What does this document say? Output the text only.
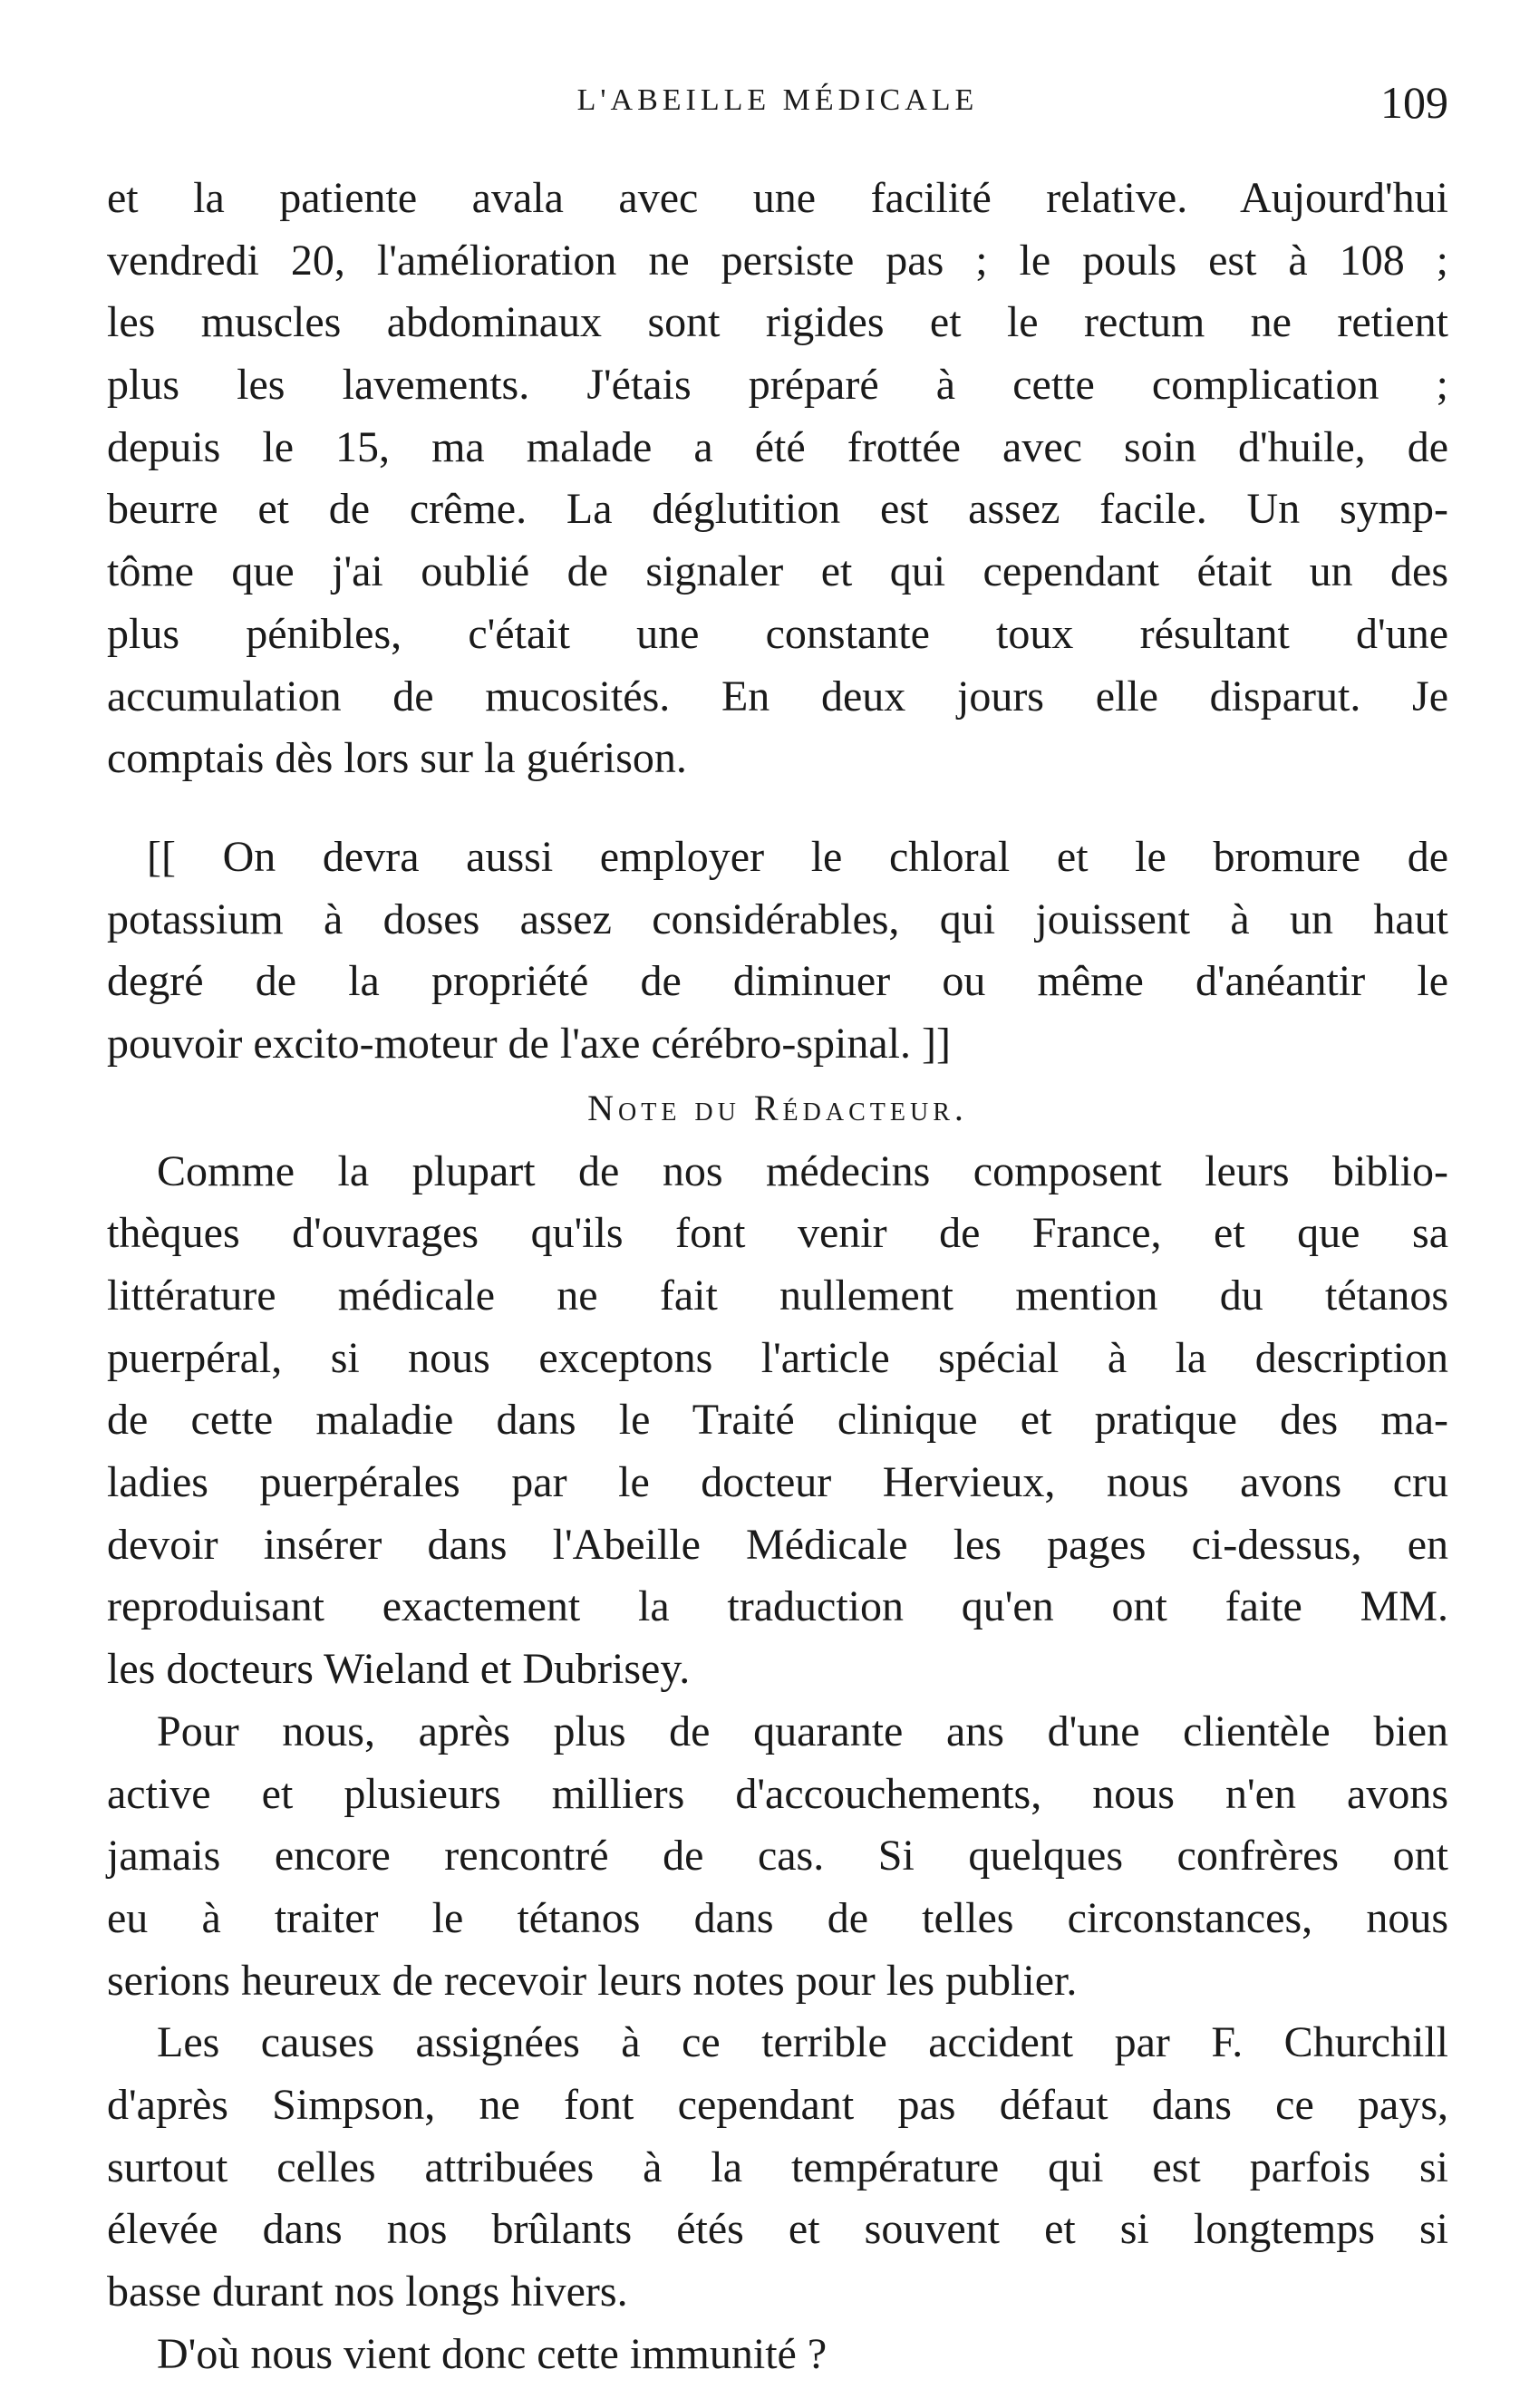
L'ABEILLE MÉDICALE	109
et la patiente avala avec une facilité relative. Aujourd'hui
vendredi 20, l'amélioration ne persiste pas ; le pouls est à 108 ;
les muscles abdominaux sont rigides et le rectum ne retient
plus les lavements. J'étais préparé à cette complication ;
depuis le 15, ma malade a été frottée avec soin d'huile, de
beurre et de crême. La déglutition est assez facile. Un symp-
tôme que j'ai oublié de signaler et qui cependant était un des
plus pénibles, c'était une constante toux résultant d'une
accumulation de mucosités. En deux jours elle disparut. Je
comptais dès lors sur la guérison.
[[ On devra aussi employer le chloral et le bromure de
potassium à doses assez considérables, qui jouissent à un haut
degré de la propriété de diminuer ou même d'anéantir le
pouvoir excito-moteur de l'axe cérébro-spinal. ]]
Note du Rédacteur.
Comme la plupart de nos médecins composent leurs biblio-
thèques d'ouvrages qu'ils font venir de France, et que sa
littérature médicale ne fait nullement mention du tétanos
puerpéral, si nous exceptons l'article spécial à la description
de cette maladie dans le Traité clinique et pratique des ma-
ladies puerpérales par le docteur Hervieux, nous avons cru
devoir insérer dans l'Abeille Médicale les pages ci-dessus, en
reproduisant exactement la traduction qu'en ont faite MM.
les docteurs Wieland et Dubrisey.
Pour nous, après plus de quarante ans d'une clientèle bien
active et plusieurs milliers d'accouchements, nous n'en avons
jamais encore rencontré de cas. Si quelques confrères ont
eu à traiter le tétanos dans de telles circonstances, nous
serions heureux de recevoir leurs notes pour les publier.
Les causes assignées à ce terrible accident par F. Churchill
d'après Simpson, ne font cependant pas défaut dans ce pays,
surtout celles attribuées à la température qui est parfois si
élevée dans nos brûlants étés et souvent et si longtemps si
basse durant nos longs hivers.
D'où nous vient donc cette immunité ?
